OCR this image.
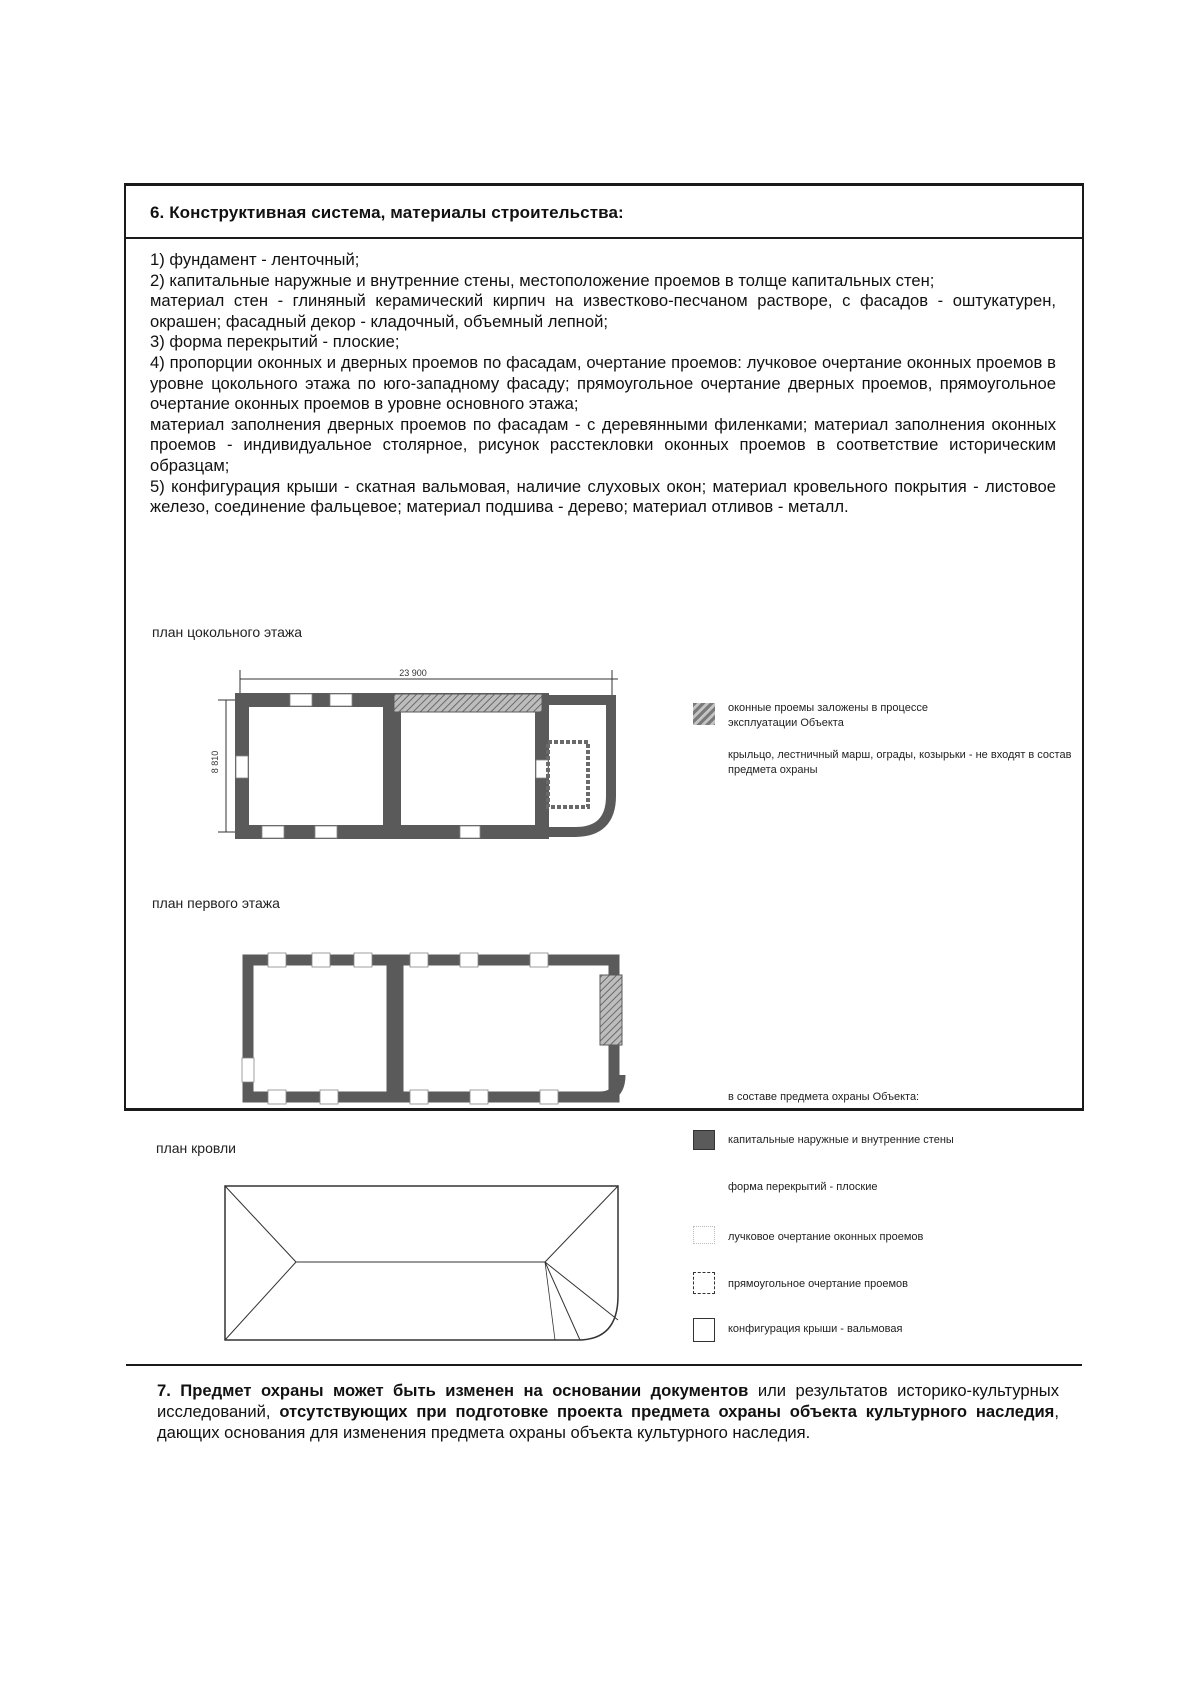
6. Конструктивная система, материалы строительства:

1) фундамент - ленточный;

2) капитальные наружные и внутренние стены, местоположение проемов в толще капитальных стен;

материал стен - глиняный керамический кирпич на известково-песчаном растворе, с фасадов - оштукатурен, окрашен; фасадный декор - кладочный, объемный лепной;

3) форма перекрытий - плоские;

4) пропорции оконных и дверных проемов по фасадам, очертание проемов: лучковое очертание оконных проемов в уровне цокольного этажа по юго-западному фасаду; прямоугольное очертание дверных проемов, прямоугольное очертание оконных проемов в уровне основного этажа;

материал заполнения дверных проемов по фасадам - с деревянными филенками; материал заполнения оконных проемов - индивидуальное столярное, рисунок расстекловки оконных проемов в соответствие историческим образцам;

5) конфигурация крыши - скатная вальмовая, наличие слуховых окон; материал кровельного покрытия - листовое железо, соединение фальцевое; материал подшива - дерево; материал отливов - металл.

план цокольного этажа
план первого этажа
план кровли
23 900
8 810
оконные проемы заложены в процессе эксплуатации Объекта
крыльцо, лестничный марш, ограды, козырьки - не входят в состав предмета охраны
в составе предмета охраны Объекта:
капитальные наружные и внутренние стены
форма перекрытий - плоские
лучковое очертание оконных проемов
прямоугольное очертание проемов
конфигурация крыши - вальмовая
7. Предмет охраны может быть изменен на основании документов или результатов историко-культурных исследований, отсутствующих при подготовке проекта предмета охраны объекта культурного наследия, дающих основания для изменения предмета охраны объекта культурного наследия.
